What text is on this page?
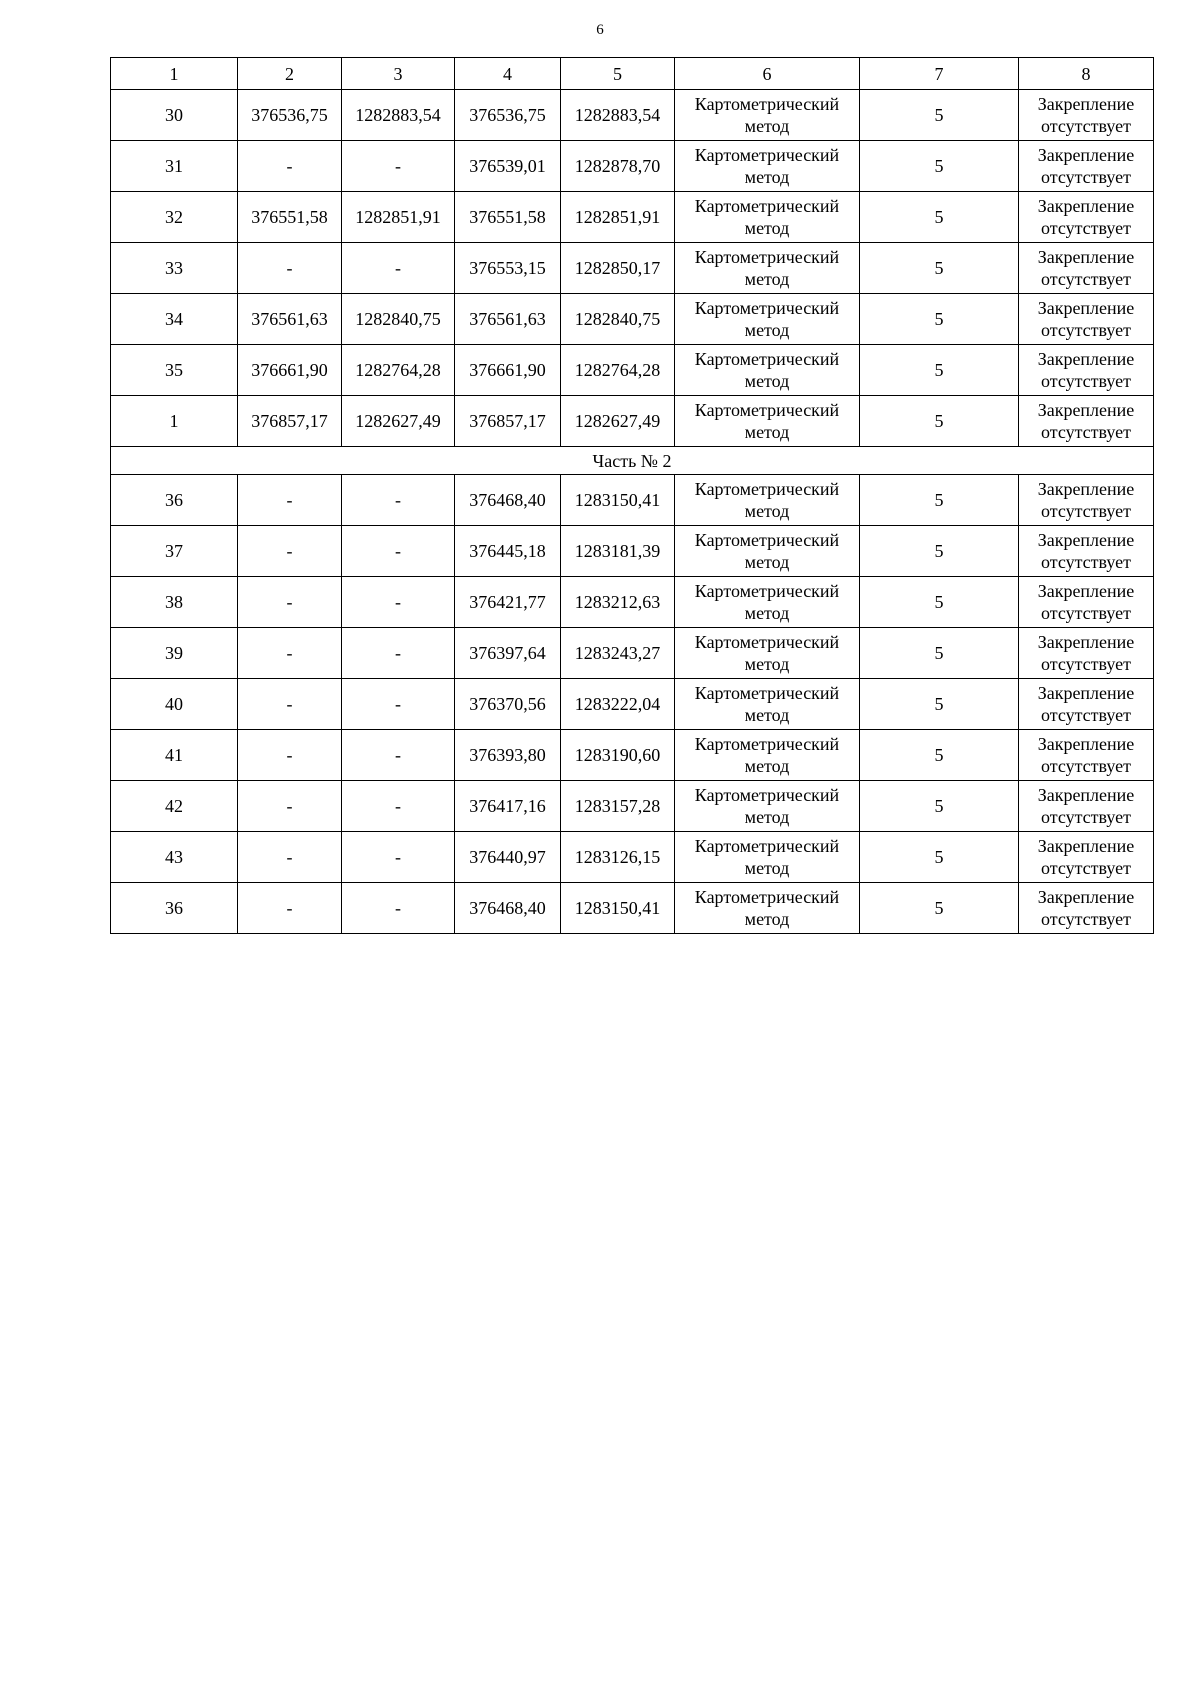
6
1	2	3	4	5	6	7	8
30	376536,75	1282883,54	376536,75	1282883,54	Картометрический метод	5	Закрепление отсутствует
31	-	-	376539,01	1282878,70	Картометрический метод	5	Закрепление отсутствует
32	376551,58	1282851,91	376551,58	1282851,91	Картометрический метод	5	Закрепление отсутствует
33	-	-	376553,15	1282850,17	Картометрический метод	5	Закрепление отсутствует
34	376561,63	1282840,75	376561,63	1282840,75	Картометрический метод	5	Закрепление отсутствует
35	376661,90	1282764,28	376661,90	1282764,28	Картометрический метод	5	Закрепление отсутствует
1	376857,17	1282627,49	376857,17	1282627,49	Картометрический метод	5	Закрепление отсутствует
Часть № 2							
36	-	-	376468,40	1283150,41	Картометрический метод	5	Закрепление отсутствует
37	-	-	376445,18	1283181,39	Картометрический метод	5	Закрепление отсутствует
38	-	-	376421,77	1283212,63	Картометрический метод	5	Закрепление отсутствует
39	-	-	376397,64	1283243,27	Картометрический метод	5	Закрепление отсутствует
40	-	-	376370,56	1283222,04	Картометрический метод	5	Закрепление отсутствует
41	-	-	376393,80	1283190,60	Картометрический метод	5	Закрепление отсутствует
42	-	-	376417,16	1283157,28	Картометрический метод	5	Закрепление отсутствует
43	-	-	376440,97	1283126,15	Картометрический метод	5	Закрепление отсутствует
36	-	-	376468,40	1283150,41	Картометрический метод	5	Закрепление отсутствует
